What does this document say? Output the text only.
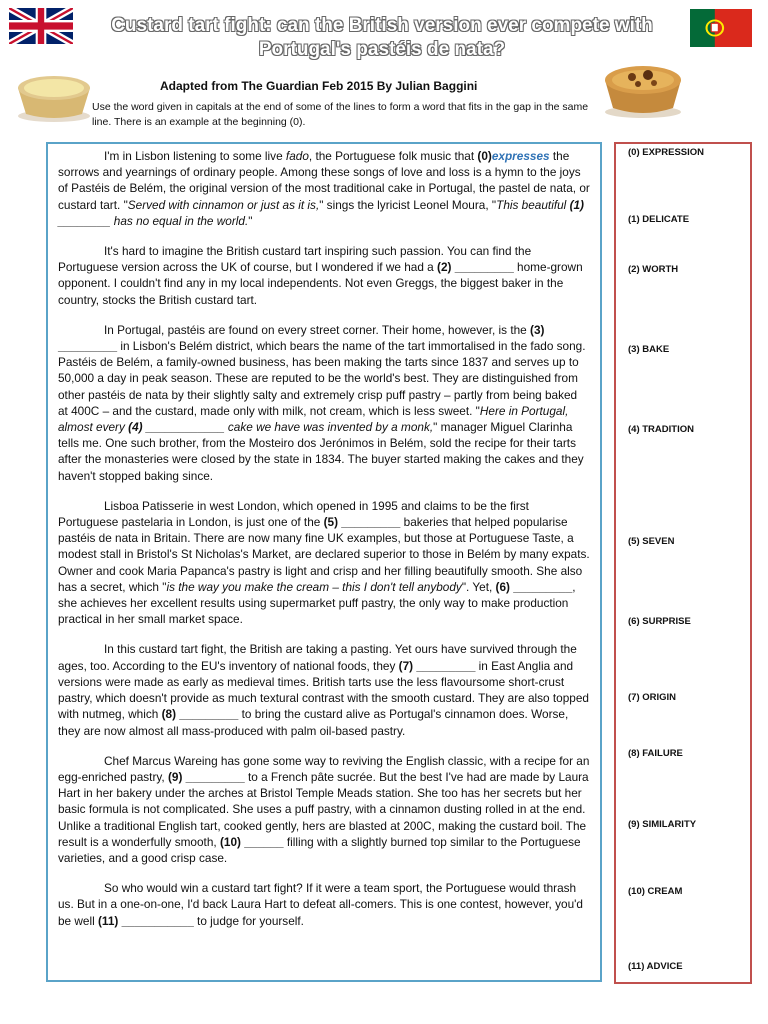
Custard tart fight: can the British version ever compete with Portugal's pastéis de nata?
Adapted from The Guardian Feb 2015 By Julian Baggini
Use the word given in capitals at the end of some of the lines to form a word that fits in the gap in the same line. There is an example at the beginning (0).

I'm in Lisbon listening to some live fado, the Portuguese folk music that (0)expresses the sorrows and yearnings of ordinary people. Among these songs of love and loss is a hymn to the joys of Pastéis de Belém, the original version of the most traditional cake in Portugal, the pastel de nata, or custard tart. "Served with cinnamon or just as it is," sings the lyricist Leonel Moura, "This beautiful (1) ________ has no equal in the world."

It's hard to imagine the British custard tart inspiring such passion. You can find the Portuguese version across the UK of course, but I wondered if we had a (2) _________ home-grown opponent. I couldn't find any in my local independents. Not even Greggs, the biggest baker in the country, stocks the British custard tart.

In Portugal, pastéis are found on every street corner. Their home, however, is the (3) _________ in Lisbon's Belém district, which bears the name of the tart immortalised in the fado song. Pastéis de Belém, a family-owned business, has been making the tarts since 1837 and serves up to 50,000 a day in peak season. These are reputed to be the world's best. They are distinguished from other pastéis de nata by their slightly salty and extremely crisp puff pastry – partly from being baked at 400C – and the custard, made only with milk, not cream, which is less sweet. "Here in Portugal, almost every (4) ____________ cake we have was invented by a monk," manager Miguel Clarinha tells me. One such brother, from the Mosteiro dos Jerónimos in Belém, sold the recipe for their tarts after the monasteries were closed by the state in 1834. The buyer started making the cakes and they haven't stopped baking since.

Lisboa Patisserie in west London, which opened in 1995 and claims to be the first Portuguese pastelaria in London, is just one of the (5) _________ bakeries that helped popularise pastéis de nata in Britain. There are now many fine UK examples, but those at Portuguese Taste, a modest stall in Bristol's St Nicholas's Market, are declared superior to those in Belém by many expats. Owner and cook Maria Papanca's pastry is light and crisp and her filling beautifully smooth. She also has a secret, which "is the way you make the cream – this I don't tell anybody". Yet, (6) _________, she achieves her excellent results using supermarket puff pastry, the only way to make production practical in her small market space.

In this custard tart fight, the British are taking a pasting. Yet ours have survived through the ages, too. According to the EU's inventory of national foods, they (7) _________ in East Anglia and versions were made as early as medieval times. British tarts use the less flavoursome short-crust pastry, which doesn't provide as much textural contrast with the smooth custard. They are also topped with nutmeg, which (8) _________ to bring the custard alive as Portugal's cinnamon does. Worse, they are now almost all mass-produced with palm oil-based pastry.

Chef Marcus Wareing has gone some way to reviving the English classic, with a recipe for an egg-enriched pastry, (9) _________ to a French pâte sucrée. But the best I've had are made by Laura Hart in her bakery under the arches at Bristol Temple Meads station. She too has her secrets but her basic formula is not complicated. She uses a puff pastry, with a cinnamon dusting rolled in at the end. Unlike a traditional English tart, cooked gently, hers are blasted at 200C, making the custard boil. The result is a wonderfully smooth, (10) ______ filling with a slightly burned top similar to the Portuguese varieties, and a good crisp case.

So who would win a custard tart fight? If it were a team sport, the Portuguese would thrash us. But in a one-on-one, I'd back Laura Hart to defeat all-comers. This is one contest, however, you'd be well (11) ___________ to judge for yourself.

(0) EXPRESSION
(1) DELICATE
(2) WORTH
(3) BAKE
(4) TRADITION
(5) SEVEN
(6) SURPRISE
(7) ORIGIN
(8) FAILURE
(9) SIMILARITY
(10) CREAM
(11) ADVICE
